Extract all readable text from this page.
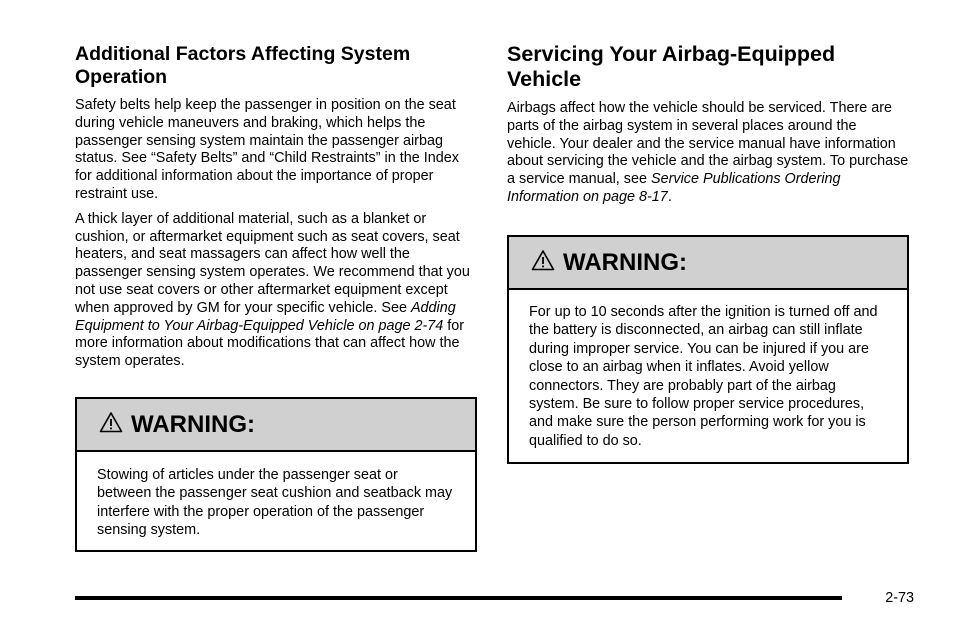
Additional Factors Affecting System Operation

Safety belts help keep the passenger in position on the seat during vehicle maneuvers and braking, which helps the passenger sensing system maintain the passenger airbag status. See “Safety Belts” and “Child Restraints” in the Index for additional information about the importance of proper restraint use.

A thick layer of additional material, such as a blanket or cushion, or aftermarket equipment such as seat covers, seat heaters, and seat massagers can affect how well the passenger sensing system operates. We recommend that you not use seat covers or other aftermarket equipment except when approved by GM for your specific vehicle. See Adding Equipment to Your Airbag-Equipped Vehicle on page 2-74 for more information about modifications that can affect how the system operates.

WARNING:
Stowing of articles under the passenger seat or between the passenger seat cushion and seatback may interfere with the proper operation of the passenger sensing system.
Servicing Your Airbag-Equipped Vehicle

Airbags affect how the vehicle should be serviced. There are parts of the airbag system in several places around the vehicle. Your dealer and the service manual have information about servicing the vehicle and the airbag system. To purchase a service manual, see Service Publications Ordering Information on page 8-17.

WARNING:
For up to 10 seconds after the ignition is turned off and the battery is disconnected, an airbag can still inflate during improper service. You can be injured if you are close to an airbag when it inflates. Avoid yellow connectors. They are probably part of the airbag system. Be sure to follow proper service procedures, and make sure the person performing work for you is qualified to do so.
2-73
